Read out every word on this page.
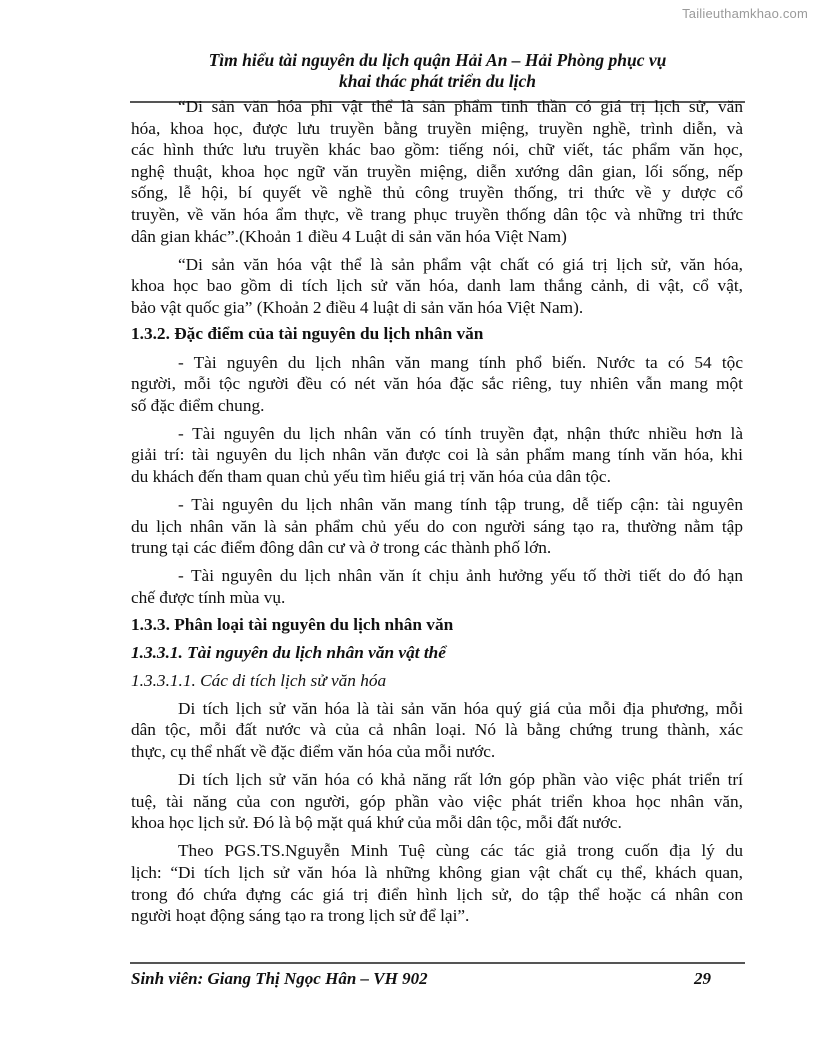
Tailieuthamkhao.com
Tìm hiểu tài nguyên du lịch quận Hải An – Hải Phòng phục vụ
khai thác phát triển du lịch
“Di sản văn hóa phi vật thể là sản phẩm tinh thần có giá trị lịch sử, văn
hóa, khoa học, được lưu truyền bằng truyền miệng, truyền nghề, trình diễn, và
các hình thức lưu truyền khác bao gồm: tiếng nói, chữ viết, tác phẩm văn học,
nghệ thuật, khoa học ngữ văn truyền miệng, diễn xướng dân gian, lối sống, nếp
sống, lễ hội, bí quyết về nghề thủ công truyền thống, tri thức về y dược cổ
truyền, về văn hóa ẩm thực, về trang phục truyền thống dân tộc và những tri thức
dân gian khác”.(Khoản 1 điều 4 Luật di sản văn hóa Việt Nam)
“Di sản văn hóa vật thể là sản phẩm vật chất có giá trị lịch sử, văn hóa,
khoa học bao gồm di tích lịch sử văn hóa, danh lam thắng cảnh, di vật, cổ vật,
bảo vật quốc gia” (Khoản 2 điều 4 luật di sản văn hóa Việt Nam).
1.3.2. Đặc điểm của tài nguyên du lịch nhân văn
- Tài nguyên du lịch nhân văn mang tính phổ biến. Nước ta có 54 tộc
người, mỗi tộc người đều có nét văn hóa đặc sắc riêng, tuy nhiên vẫn mang một
số đặc điểm chung.
- Tài nguyên du lịch nhân văn có tính truyền đạt, nhận thức nhiều hơn là
giải trí: tài nguyên du lịch nhân văn được coi là sản phẩm mang tính văn hóa, khi
du khách đến tham quan chủ yếu tìm hiểu giá trị văn hóa của dân tộc.
- Tài nguyên du lịch nhân văn mang tính tập trung, dễ tiếp cận: tài nguyên
du lịch nhân văn là sản phẩm chủ yếu do con người sáng tạo ra, thường nằm tập
trung tại các điểm đông dân cư và ở trong các thành phố lớn.
- Tài nguyên du lịch nhân văn ít chịu ảnh hưởng yếu tố thời tiết do đó hạn
chế được tính mùa vụ.
1.3.3. Phân loại tài nguyên du lịch nhân văn
1.3.3.1. Tài nguyên du lịch nhân văn vật thể
1.3.3.1.1. Các di tích lịch sử văn hóa
Di tích lịch sử văn hóa là tài sản văn hóa quý giá của mỗi địa phương, mỗi
dân tộc, mỗi đất nước và của cả nhân loại. Nó là bằng chứng trung thành, xác
thực, cụ thể nhất về đặc điểm văn hóa của mỗi nước.
Di tích lịch sử văn hóa có khả năng rất lớn góp phần vào việc phát triển trí
tuệ, tài năng của con người, góp phần vào việc phát triển khoa học nhân văn,
khoa học lịch sử. Đó là bộ mặt quá khứ của mỗi dân tộc, mỗi đất nước.
Theo PGS.TS.Nguyễn Minh Tuệ cùng các tác giả trong cuốn địa lý du
lịch: “Di tích lịch sử văn hóa là những không gian vật chất cụ thể, khách quan,
trong đó chứa đựng các giá trị điển hình lịch sử, do tập thể hoặc cá nhân con
người hoạt động sáng tạo ra trong lịch sử để lại”.
Sinh viên: Giang Thị Ngọc Hân – VH 902	29
